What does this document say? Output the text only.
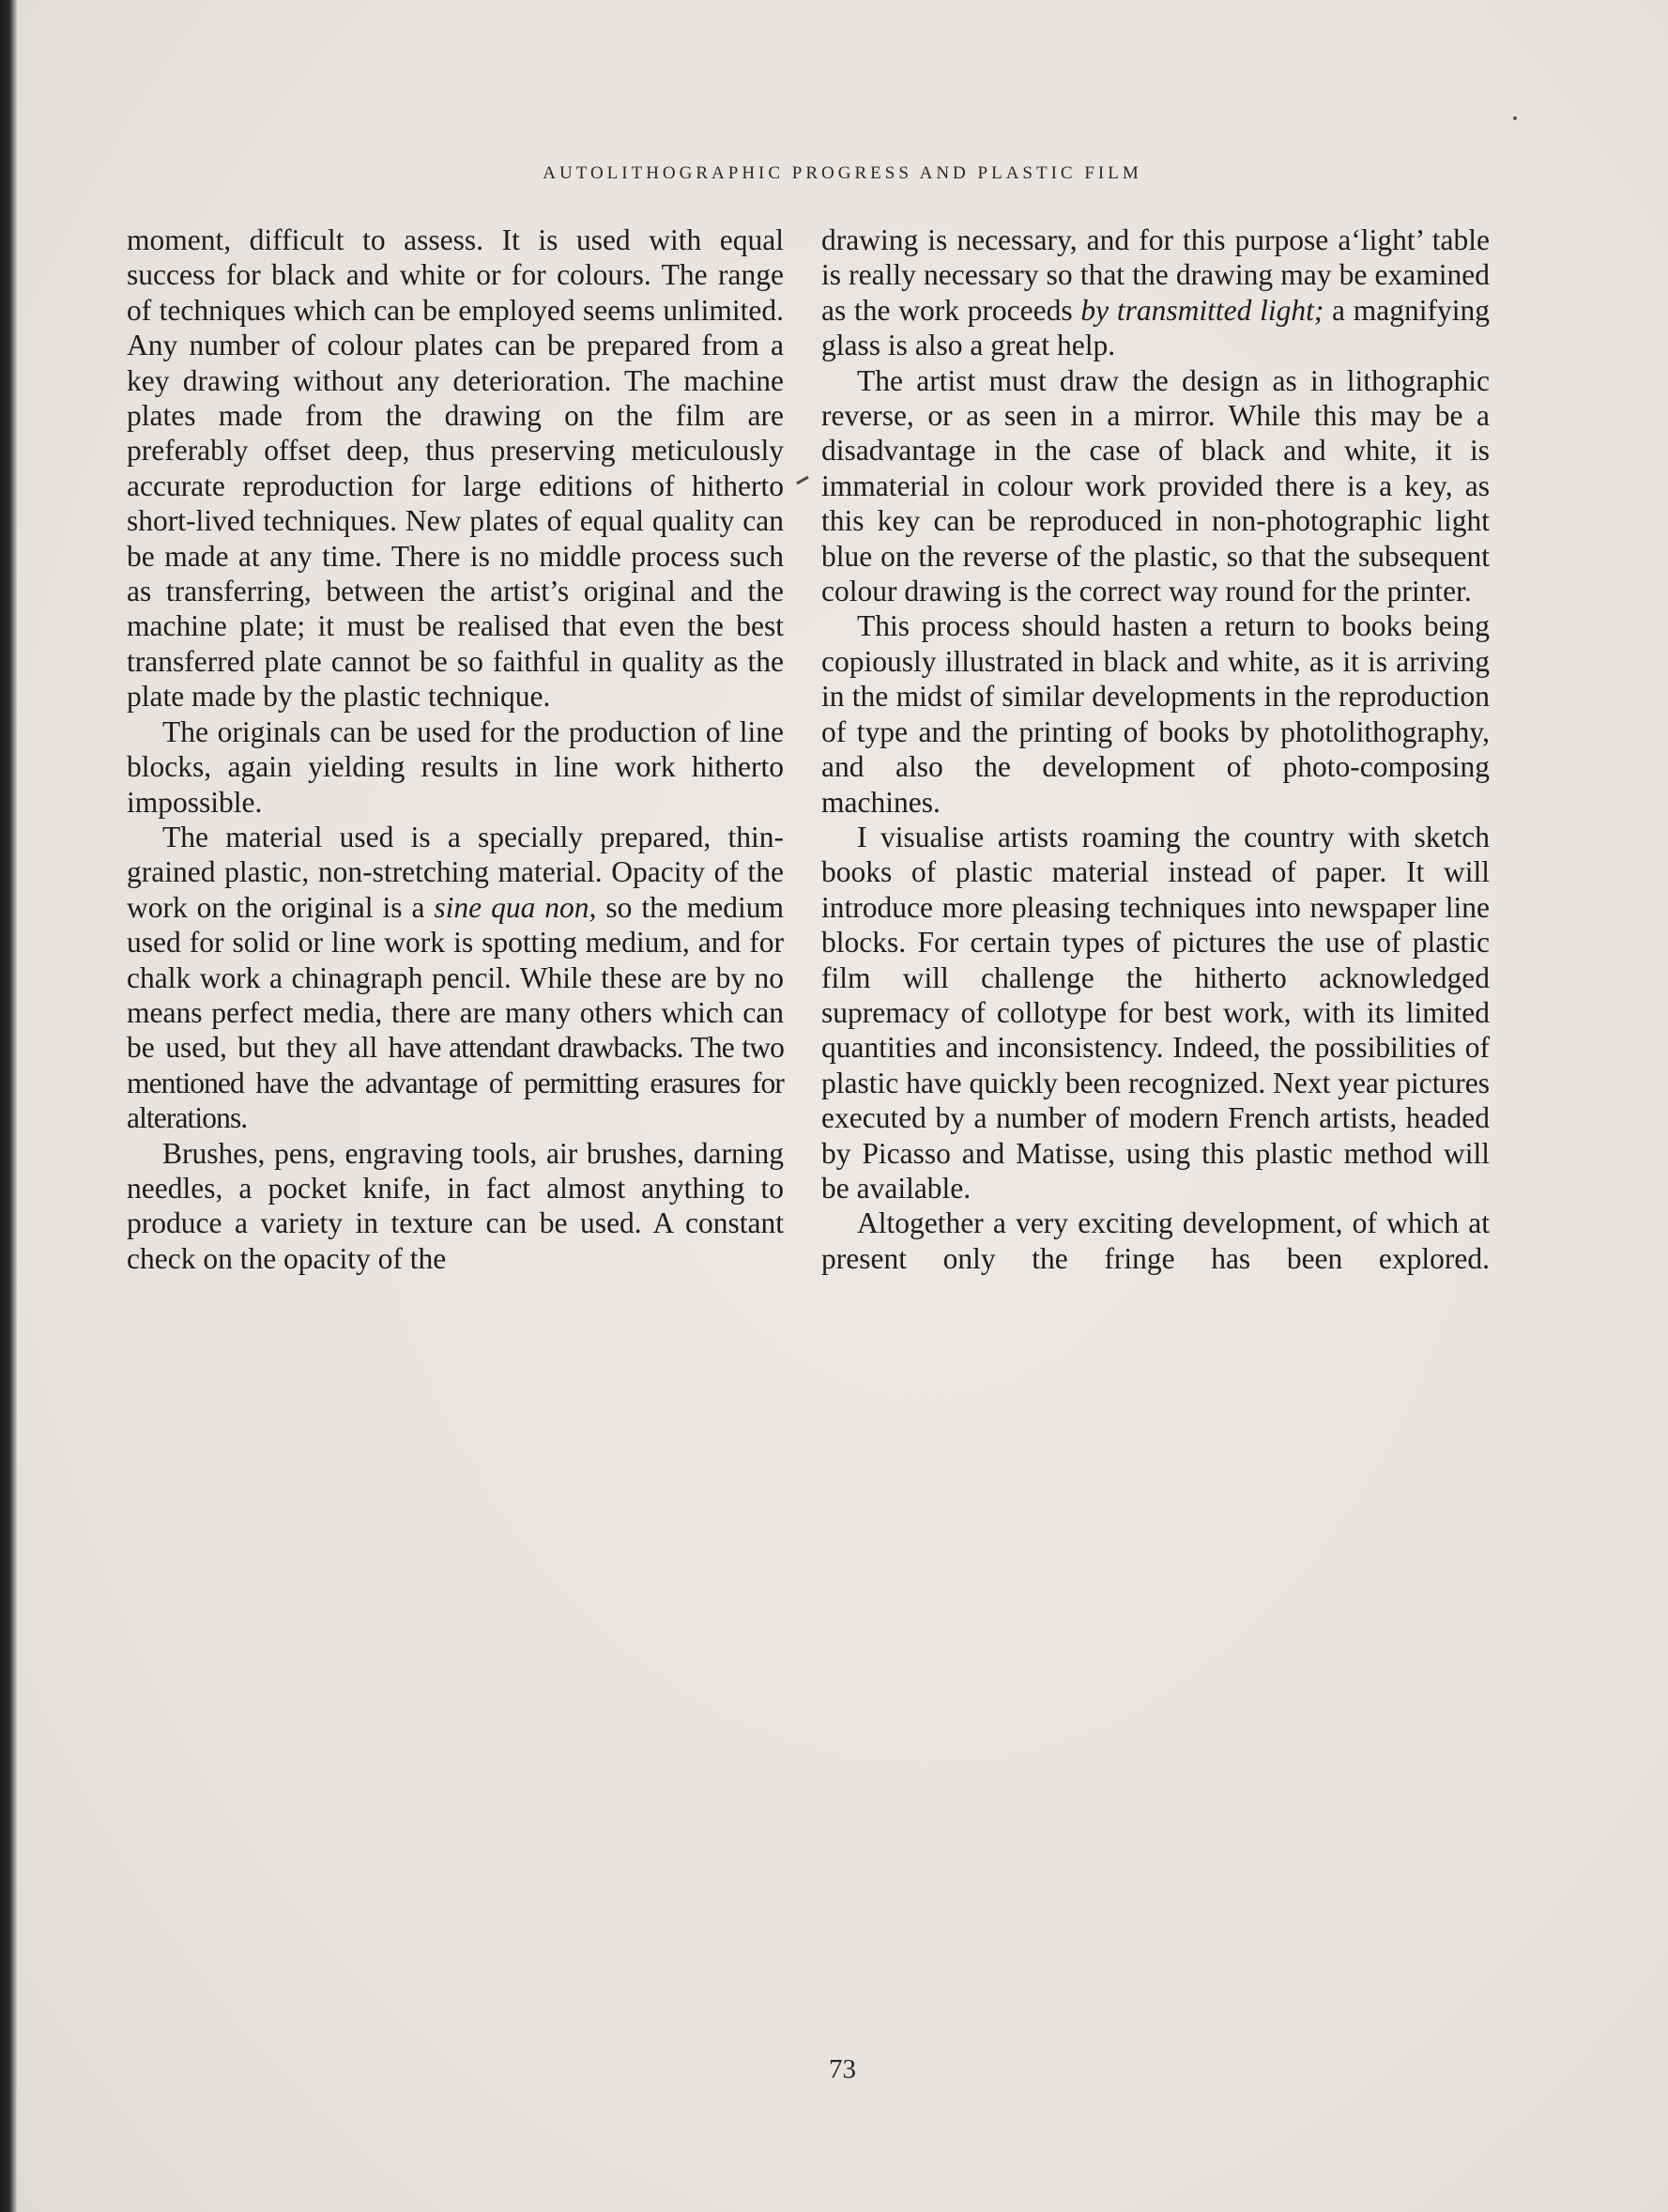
AUTOLITHOGRAPHIC PROGRESS AND PLASTIC FILM

moment, difficult to assess. It is used with equal success for black and white or for colours. The range of techniques which can be employed seems unlimited. Any number of colour plates can be prepared from a key drawing without any deterioration. The machine plates made from the drawing on the film are preferably offset deep, thus preserving meticulously accurate reproduction for large editions of hitherto short-lived techniques. New plates of equal quality can be made at any time. There is no middle process such as transferring, between the artist’s original and the machine plate; it must be realised that even the best transferred plate cannot be so faithful in quality as the plate made by the plastic technique.

The originals can be used for the production of line blocks, again yielding results in line work hitherto impossible.

The material used is a specially prepared, thin-grained plastic, non-stretching material. Opacity of the work on the original is a sine qua non, so the medium used for solid or line work is spotting medium, and for chalk work a chinagraph pencil. While these are by no means perfect media, there are many others which can be used, but they all have attendant drawbacks. The two mentioned have the advantage of permitting erasures for alterations.

Brushes, pens, engraving tools, air brushes, darning needles, a pocket knife, in fact almost anything to produce a variety in texture can be used. A constant check on the opacity of the

drawing is necessary, and for this purpose a‘light’ table is really necessary so that the drawing may be examined as the work proceeds by transmitted light; a magnifying glass is also a great help.

The artist must draw the design as in lithographic reverse, or as seen in a mirror. While this may be a disadvantage in the case of black and white, it is immaterial in colour work provided there is a key, as this key can be reproduced in non-photographic light blue on the reverse of the plastic, so that the subsequent colour drawing is the correct way round for the printer.

This process should hasten a return to books being copiously illustrated in black and white, as it is arriving in the midst of similar developments in the reproduction of type and the printing of books by photolithography, and also the development of photo-composing machines.

I visualise artists roaming the country with sketch books of plastic material instead of paper. It will introduce more pleasing techniques into newspaper line blocks. For certain types of pictures the use of plastic film will challenge the hitherto acknowledged supremacy of collotype for best work, with its limited quantities and inconsistency. Indeed, the possibilities of plastic have quickly been recognized. Next year pictures executed by a number of modern French artists, headed by Picasso and Matisse, using this plastic method will be available.

Altogether a very exciting development, of which at present only the fringe has been explored.

73
